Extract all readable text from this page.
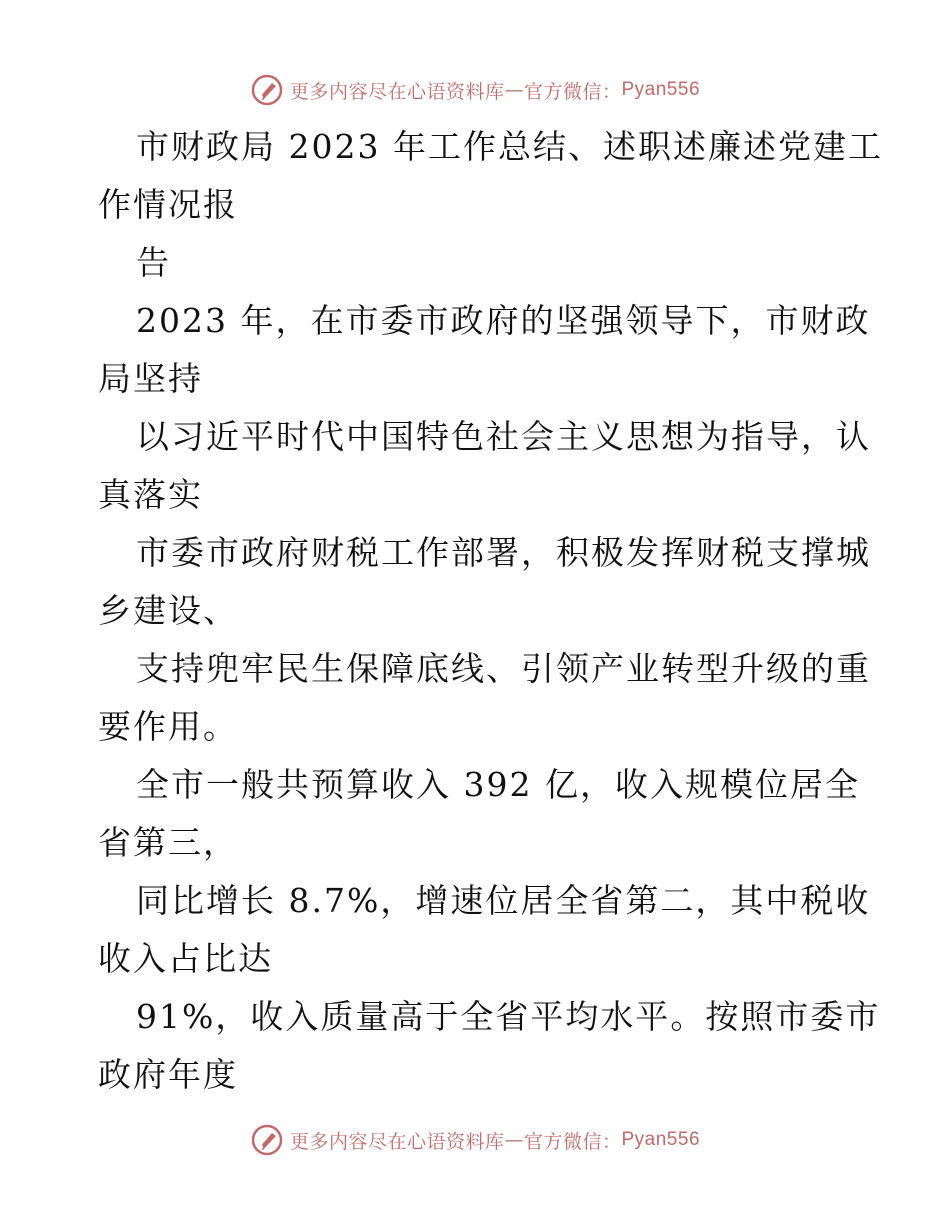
更多内容尽在心语资料库 — 官方微信： Pyan556
市财政局 2023 年工作总结、述职述廉述党建工
作情况报
告
2023 年，在市委市政府的坚强领导下，市财政
局坚持
以习近平时代中国特色社会主义思想为指导，认
真落实
市委市政府财税工作部署，积极发挥财税支撑城
乡建设、
支持兜牢民生保障底线、引领产业转型升级的重
要作用。
全市一般共预算收入 392 亿，收入规模位居全
省第三，
同比增长 8.7%，增速位居全省第二，其中税收
收入占比达
91%，收入质量高于全省平均水平。按照市委市
政府年度
更多内容尽在心语资料库 — 官方微信： Pyan556
